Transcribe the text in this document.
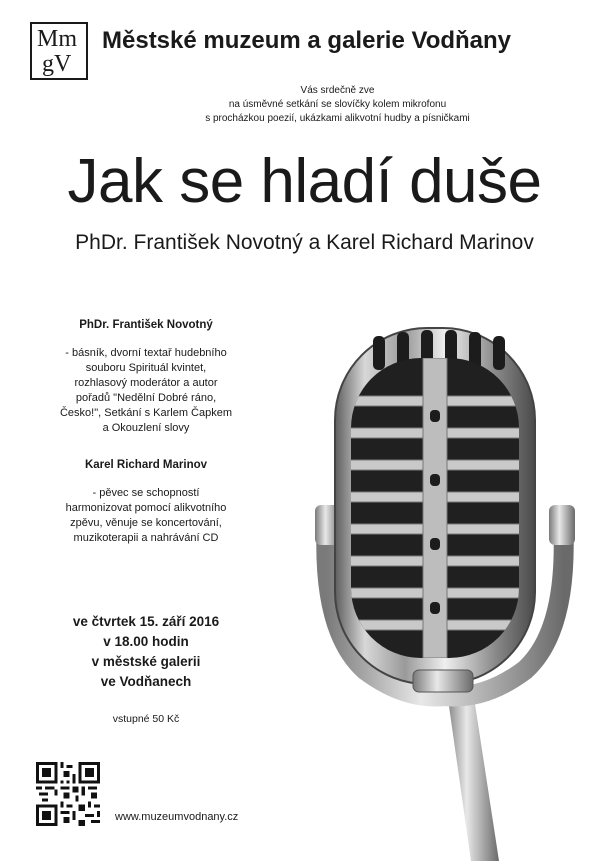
Mm
gV
Městské muzeum a galerie Vodňany
Vás srdečně zve
na úsměvné setkání se slovíčky kolem mikrofonu
s procházkou poezií, ukázkami alikvotní hudby a písničkami
Jak se hladí duše
PhDr. František Novotný a Karel Richard Marinov
PhDr. František Novotný
- básník, dvorní textař hudebního
souboru Spirituál kvintet,
rozhlasový moderátor a autor
pořadů "Nedělní Dobré ráno,
Česko!", Setkání s Karlem Čapkem
a Okouzlení slovy
Karel Richard Marinov
- pěvec se schopností
harmonizovat pomocí alikvotního
zpěvu, věnuje se koncertování,
muzikoterapii a nahrávání CD
ve čtvrtek 15. září 2016
v 18.00 hodin
v městské galerii
ve Vodňanech
vstupné 50 Kč
www.muzeumvodnany.cz
